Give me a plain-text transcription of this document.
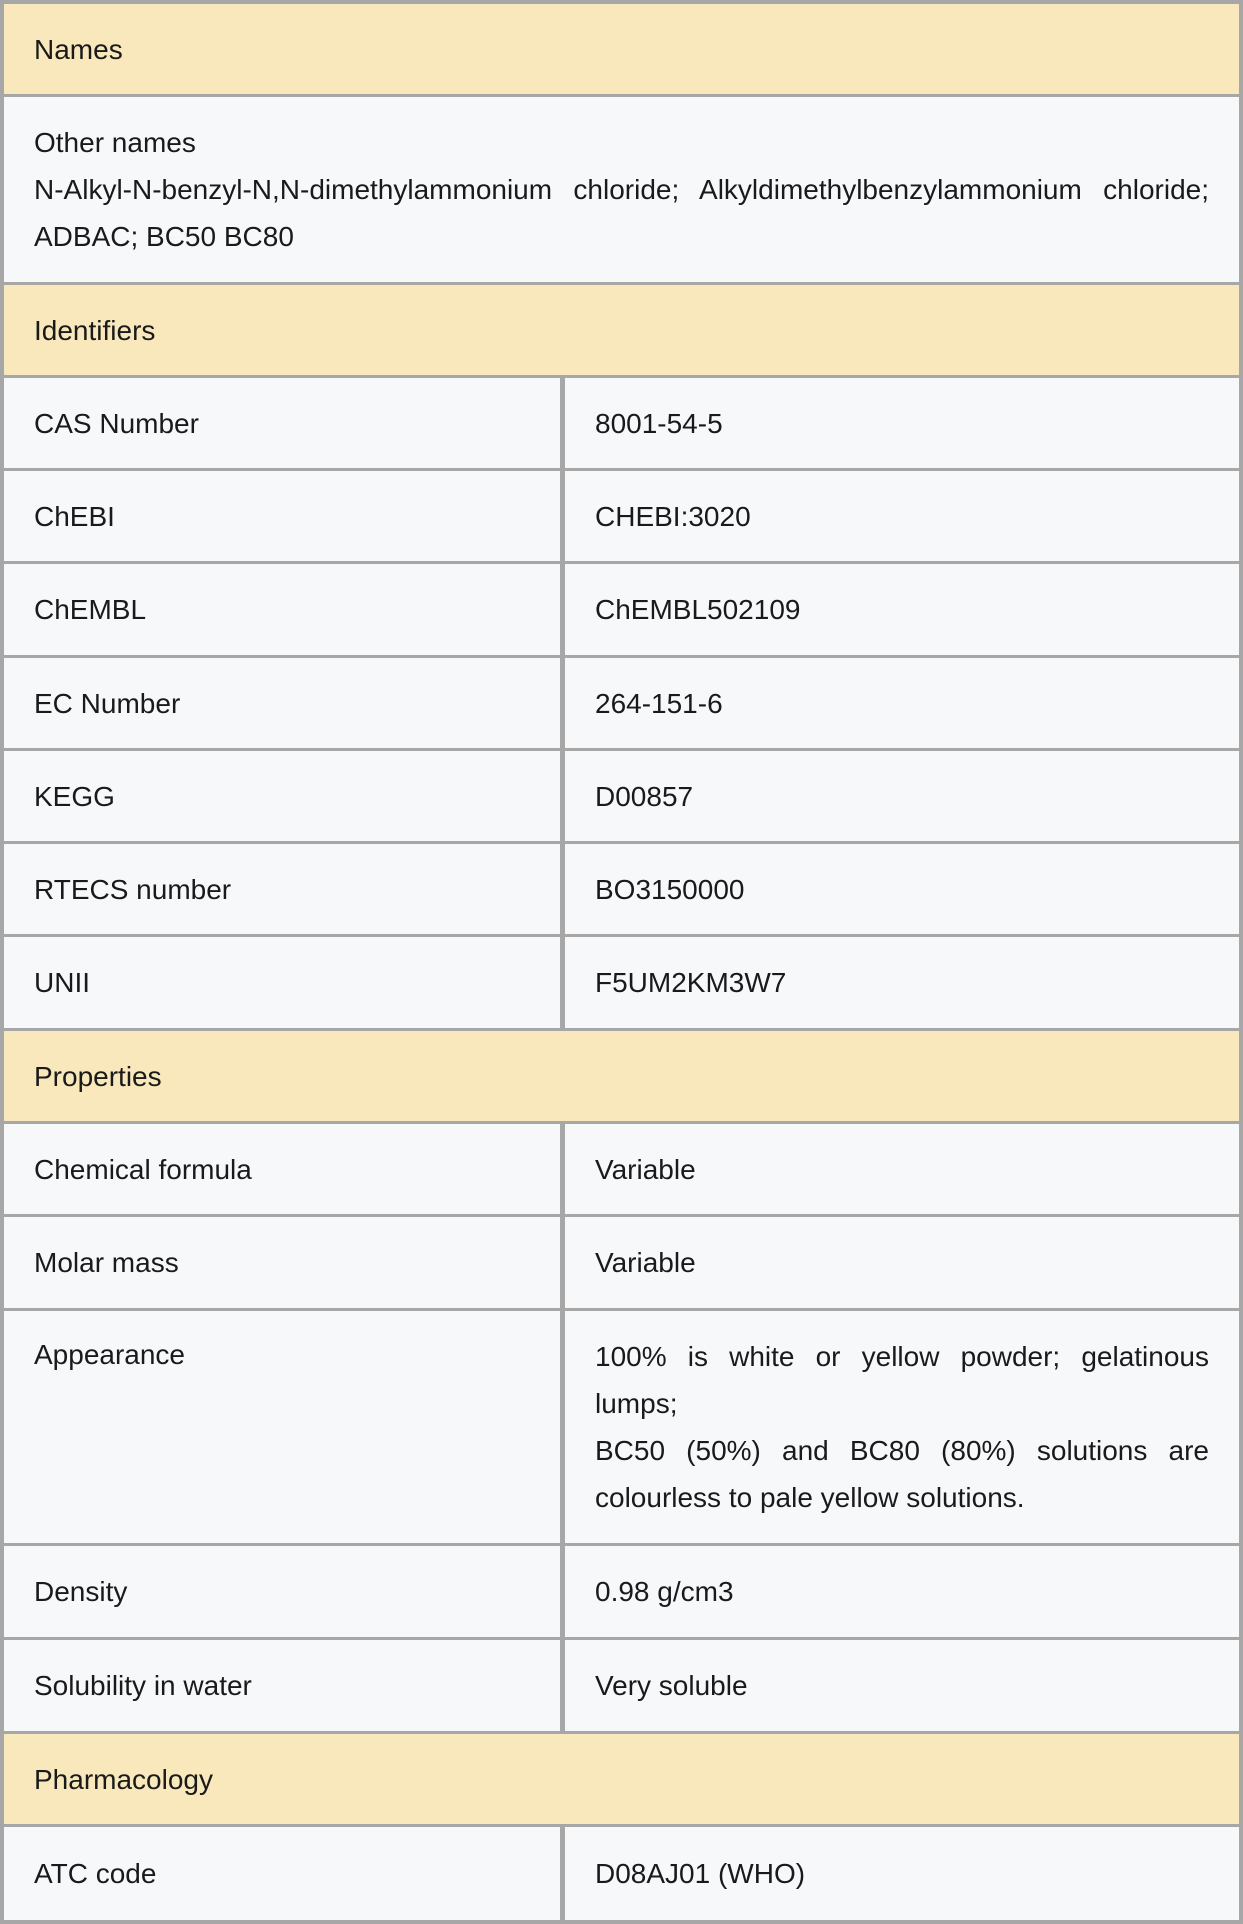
Names
Other names
N-Alkyl-N-benzyl-N,N-dimethylammonium chloride; Alkyldimethylbenzylammonium chloride; ADBAC; BC50 BC80
Identifiers
CAS Number	8001-54-5
ChEBI	CHEBI:3020
ChEMBL	ChEMBL502109
EC Number	264-151-6
KEGG	D00857
RTECS number	BO3150000
UNII	F5UM2KM3W7
Properties
Chemical formula	Variable
Molar mass	Variable
Appearance	100% is white or yellow powder; gelatinous lumps;
BC50 (50%) and BC80 (80%) solutions are colourless to pale yellow solutions.
Density	0.98 g/cm3
Solubility in water	Very soluble
Pharmacology
ATC code	D08AJ01 (WHO)
